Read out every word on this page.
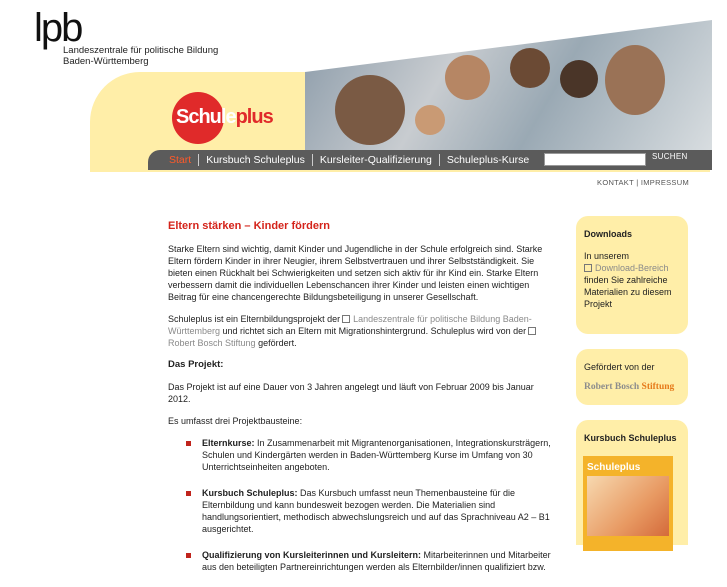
lpb
Landeszentrale für politische Bildung
Baden-Württemberg
Schuleplus
Start	Kursbuch Schuleplus	Kursleiter-Qualifizierung	Schuleplus-Kurse	SUCHEN
KONTAKT | IMPRESSUM
Eltern stärken – Kinder fördern

Starke Eltern sind wichtig, damit Kinder und Jugendliche in der Schule erfolgreich sind. Starke Eltern fördern Kinder in ihrer Neugier, ihrem Selbstvertrauen und ihrer Selbstständigkeit. Sie bieten einen Rückhalt bei Schwierigkeiten und setzen sich aktiv für ihr Kind ein. Starke Eltern verbessern damit die individuellen Lebenschancen ihrer Kinder und leisten einen wichtigen Beitrag für eine chancengerechte Bildungsbeteiligung in unserer Gesellschaft.

Schuleplus ist ein Elternbildungsprojekt der Landeszentrale für politische Bildung Baden-Württemberg und richtet sich an Eltern mit Migrationshintergrund. Schuleplus wird von derRobert Bosch Stiftung gefördert.

Das Projekt:

Das Projekt ist auf eine Dauer von 3 Jahren angelegt und läuft von Februar 2009 bis Januar 2012.

Es umfasst drei Projektbausteine:

Elternkurse: In Zusammenarbeit mit Migrantenorganisationen, Integrationskursträgern, Schulen und Kindergärten werden in Baden-Württemberg Kurse im Umfang von 30 Unterrichtseinheiten angeboten.
Kursbuch Schuleplus: Das Kursbuch umfasst neun Themenbausteine für die Elternbildung und kann bundesweit bezogen werden. Die Materialien sind handlungsorientiert, methodisch abwechslungsreich und auf das Sprachniveau A2 – B1 ausgerichtet.
Qualifizierung von Kursleiterinnen und Kursleitern: Mitarbeiterinnen und Mitarbeiter aus den beteiligten Partnereinrichtungen werden als Elternbilder/innen qualifiziert bzw.
Downloads
In unserem
Download-Bereich finden Sie zahlreiche Materialien zu diesem Projekt
Gefördert von der
Robert Bosch Stiftung
Kursbuch Schuleplus
Schuleplus
